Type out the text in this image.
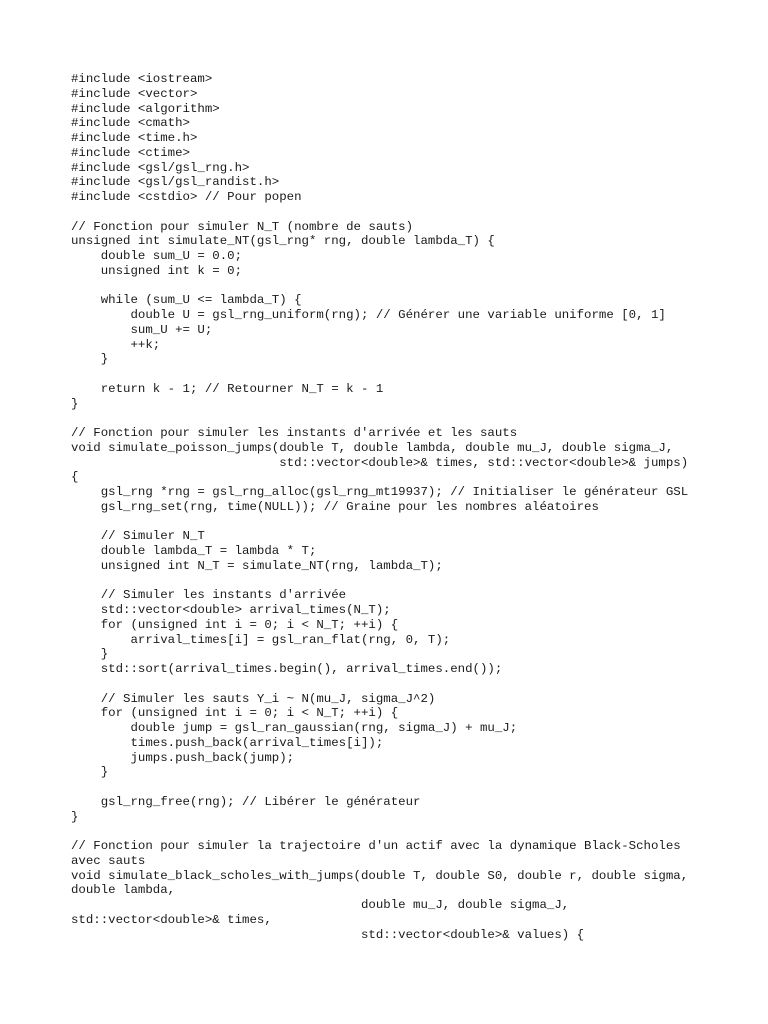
#include <iostream>
#include <vector>
#include <algorithm>
#include <cmath>
#include <time.h>
#include <ctime>
#include <gsl/gsl_rng.h>
#include <gsl/gsl_randist.h>
#include <cstdio> // Pour popen
// Fonction pour simuler N_T (nombre de sauts)
unsigned int simulate_NT(gsl_rng* rng, double lambda_T) {
double sum_U = 0.0;
unsigned int k = 0;
while (sum_U <= lambda_T) {
double U = gsl_rng_uniform(rng); // Générer une variable uniforme [0, 1]
sum_U += U;
++k;
}
return k - 1; // Retourner N_T = k - 1
}
// Fonction pour simuler les instants d'arrivée et les sauts
void simulate_poisson_jumps(double T, double lambda, double mu_J, double sigma_J,
std::vector<double>& times, std::vector<double>& jumps)
{
gsl_rng *rng = gsl_rng_alloc(gsl_rng_mt19937); // Initialiser le générateur GSL
gsl_rng_set(rng, time(NULL)); // Graine pour les nombres aléatoires
// Simuler N_T
double lambda_T = lambda * T;
unsigned int N_T = simulate_NT(rng, lambda_T);
// Simuler les instants d'arrivée
std::vector<double> arrival_times(N_T);
for (unsigned int i = 0; i < N_T; ++i) {
arrival_times[i] = gsl_ran_flat(rng, 0, T);
}
std::sort(arrival_times.begin(), arrival_times.end());
// Simuler les sauts Y_i ~ N(mu_J, sigma_J^2)
for (unsigned int i = 0; i < N_T; ++i) {
double jump = gsl_ran_gaussian(rng, sigma_J) + mu_J;
times.push_back(arrival_times[i]);
jumps.push_back(jump);
}
gsl_rng_free(rng); // Libérer le générateur
}
// Fonction pour simuler la trajectoire d'un actif avec la dynamique Black-Scholes
avec sauts
void simulate_black_scholes_with_jumps(double T, double S0, double r, double sigma,
double lambda,
double mu_J, double sigma_J,
std::vector<double>& times,
std::vector<double>& values) {
